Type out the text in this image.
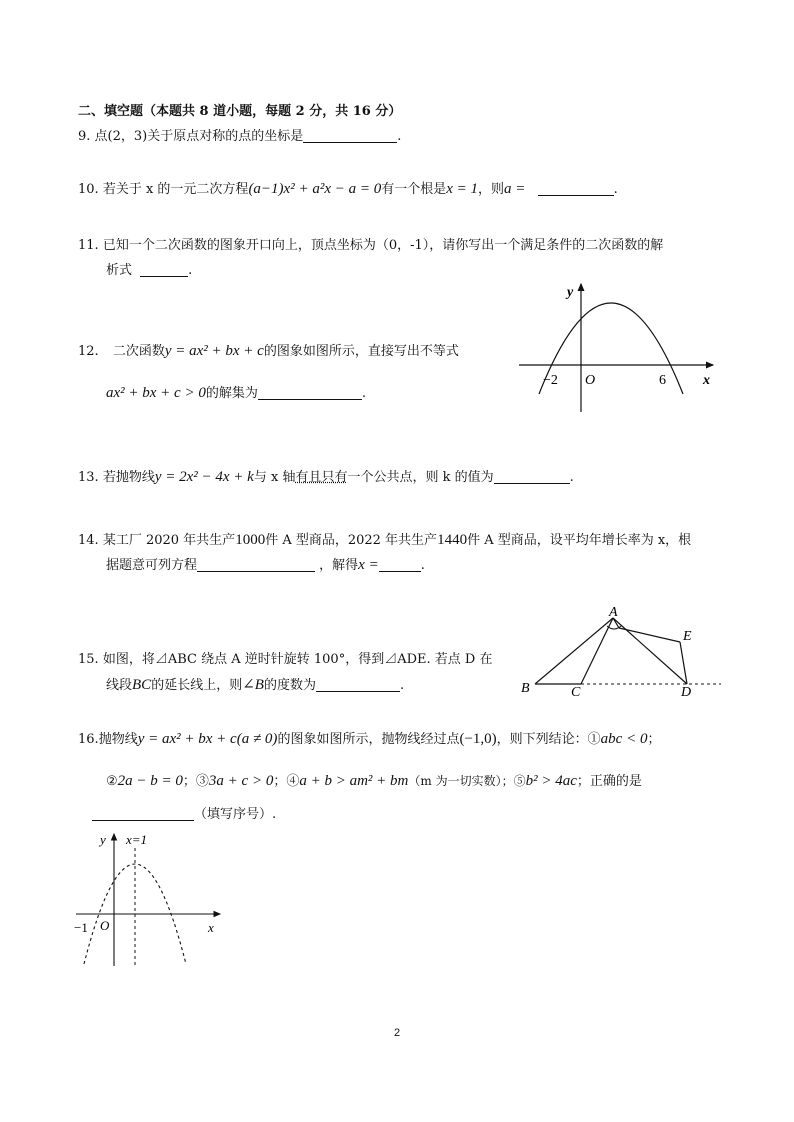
二、填空题（本题共 8 道小题，每题 2 分，共 16 分）
9. 点(2，3)关于原点对称的点的坐标是	.
10. 若关于 x 的一元二次方程(a−1)x² + a²x − a = 0有一个根是x = 1，则a =	.
11. 已知一个二次函数的图象开口向上，顶点坐标为（0，-1），请你写出一个满足条件的二次函数的解
析式	.
12. 二次函数y = ax² + bx + c的图象如图所示，直接写出不等式
ax² + bx + c > 0的解集为	.
y
x
O
−2	6
13. 若抛物线y = 2x² − 4x + k与 x 轴有且只有一个公共点，则 k 的值为	.
14. 某工厂 2020 年共生产1000件 A 型商品，2022 年共生产1440件 A 型商品，设平均年增长率为 x，根
据题意可列方程	，解得x =	.
15. 如图，将⊿ABC 绕点 A 逆时针旋转 100°，得到⊿ADE. 若点 D 在
线段BC的延长线上，则∠B的度数为	.
A
B	C	D
E
16.抛物线y = ax² + bx + c(a ≠ 0)的图象如图所示，抛物线经过点(−1,0)，则下列结论：①abc < 0；
②2a − b = 0；③3a + c > 0；④a + b > am² + bm（m 为一切实数）；⑤b² > 4ac；正确的是
（填写序号）.
y x=1
x
O
−1
2
